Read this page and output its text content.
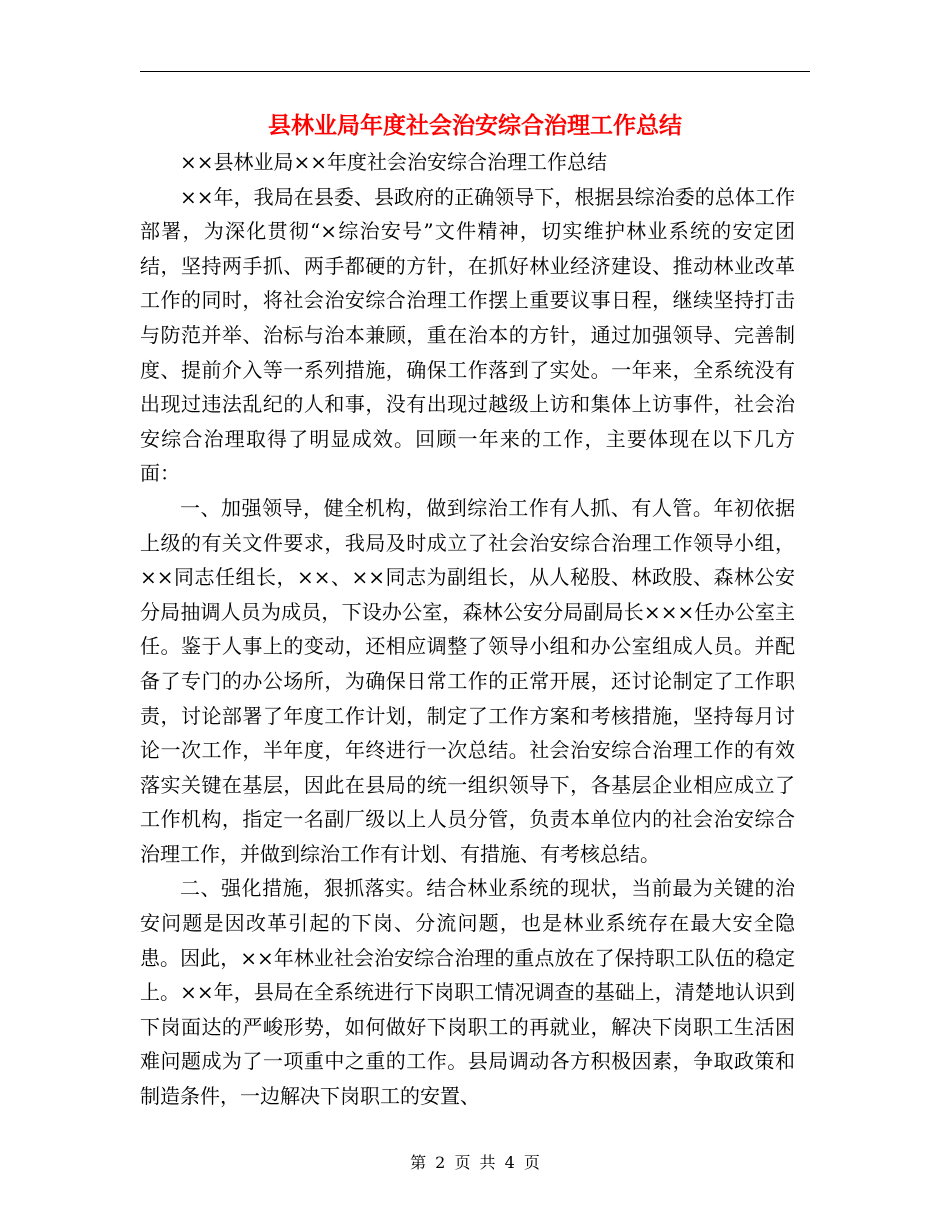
县林业局年度社会治安综合治理工作总结

××县林业局××年度社会治安综合治理工作总结

××年，我局在县委、县政府的正确领导下，根据县综治委的总体工作部署，为深化贯彻“×综治安号”文件精神，切实维护林业系统的安定团结，坚持两手抓、两手都硬的方针，在抓好林业经济建设、推动林业改革工作的同时，将社会治安综合治理工作摆上重要议事日程，继续坚持打击与防范并举、治标与治本兼顾，重在治本的方针，通过加强领导、完善制度、提前介入等一系列措施，确保工作落到了实处。一年来，全系统没有出现过违法乱纪的人和事，没有出现过越级上访和集体上访事件，社会治安综合治理取得了明显成效。回顾一年来的工作，主要体现在以下几方面：

一、加强领导，健全机构，做到综治工作有人抓、有人管。年初依据上级的有关文件要求，我局及时成立了社会治安综合治理工作领导小组，××同志任组长，××、××同志为副组长，从人秘股、林政股、森林公安分局抽调人员为成员，下设办公室，森林公安分局副局长×××任办公室主任。鉴于人事上的变动，还相应调整了领导小组和办公室组成人员。并配备了专门的办公场所，为确保日常工作的正常开展，还讨论制定了工作职责，讨论部署了年度工作计划，制定了工作方案和考核措施，坚持每月讨论一次工作，半年度，年终进行一次总结。社会治安综合治理工作的有效落实关键在基层，因此在县局的统一组织领导下，各基层企业相应成立了工作机构，指定一名副厂级以上人员分管，负责本单位内的社会治安综合治理工作，并做到综治工作有计划、有措施、有考核总结。

二、强化措施，狠抓落实。结合林业系统的现状，当前最为关键的治安问题是因改革引起的下岗、分流问题，也是林业系统存在最大安全隐患。因此，××年林业社会治安综合治理的重点放在了保持职工队伍的稳定上。××年，县局在全系统进行下岗职工情况调查的基础上，清楚地认识到下岗面达的严峻形势，如何做好下岗职工的再就业，解决下岗职工生活困难问题成为了一项重中之重的工作。县局调动各方积极因素，争取政策和制造条件，一边解决下岗职工的安置、

第 2 页 共 4 页
